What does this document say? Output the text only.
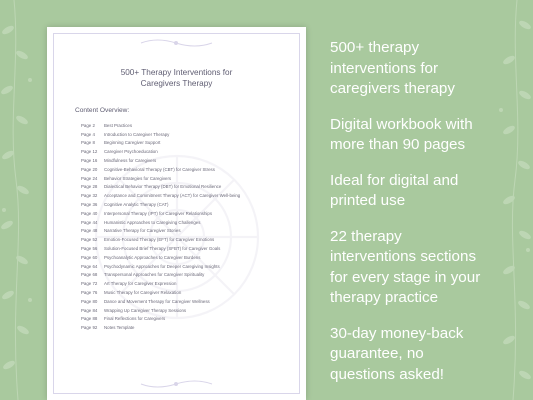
500+ Therapy Interventions for
Caregivers Therapy
Content Overview:
Page 2	Best Practices
Page 4	Introduction to Caregiver Therapy
Page 8	Beginning Caregiver Support
Page 12	Caregiver Psychoeducation
Page 16	Mindfulness for Caregivers
Page 20	Cognitive-Behavioral Therapy (CBT) for Caregiver Stress
Page 24	Behavior Strategies for Caregivers
Page 28	Dialectical Behavior Therapy (DBT) for Emotional Resilience
Page 32	Acceptance and Commitment Therapy (ACT) for Caregiver Well-being
Page 36	Cognitive Analytic Therapy (CAT)
Page 40	Interpersonal Therapy (IPT) for Caregiver Relationships
Page 44	Humanistic Approaches to Caregiving Challenges
Page 48	Narrative Therapy for Caregiver Stories
Page 52	Emotion-Focused Therapy (EFT) for Caregiver Emotions
Page 56	Solution-Focused Brief Therapy (SFBT) for Caregiver Goals
Page 60	Psychoanalytic Approaches to Caregiver Burdens
Page 64	Psychodynamic Approaches for Deeper Caregiving Insights
Page 68	Transpersonal Approaches for Caregiver Spirituality
Page 72	Art Therapy for Caregiver Expression
Page 76	Music Therapy for Caregiver Relaxation
Page 80	Dance and Movement Therapy for Caregiver Wellness
Page 84	Wrapping Up Caregiver Therapy Sessions
Page 88	Final Reflections for Caregivers
Page 92	Notes Template
500+ therapy
interventions for
caregivers therapy
Digital workbook with
more than 90 pages
Ideal for digital and
printed use
22 therapy
interventions sections
for every stage in your
therapy practice
30-day money-back
guarantee, no
questions asked!
